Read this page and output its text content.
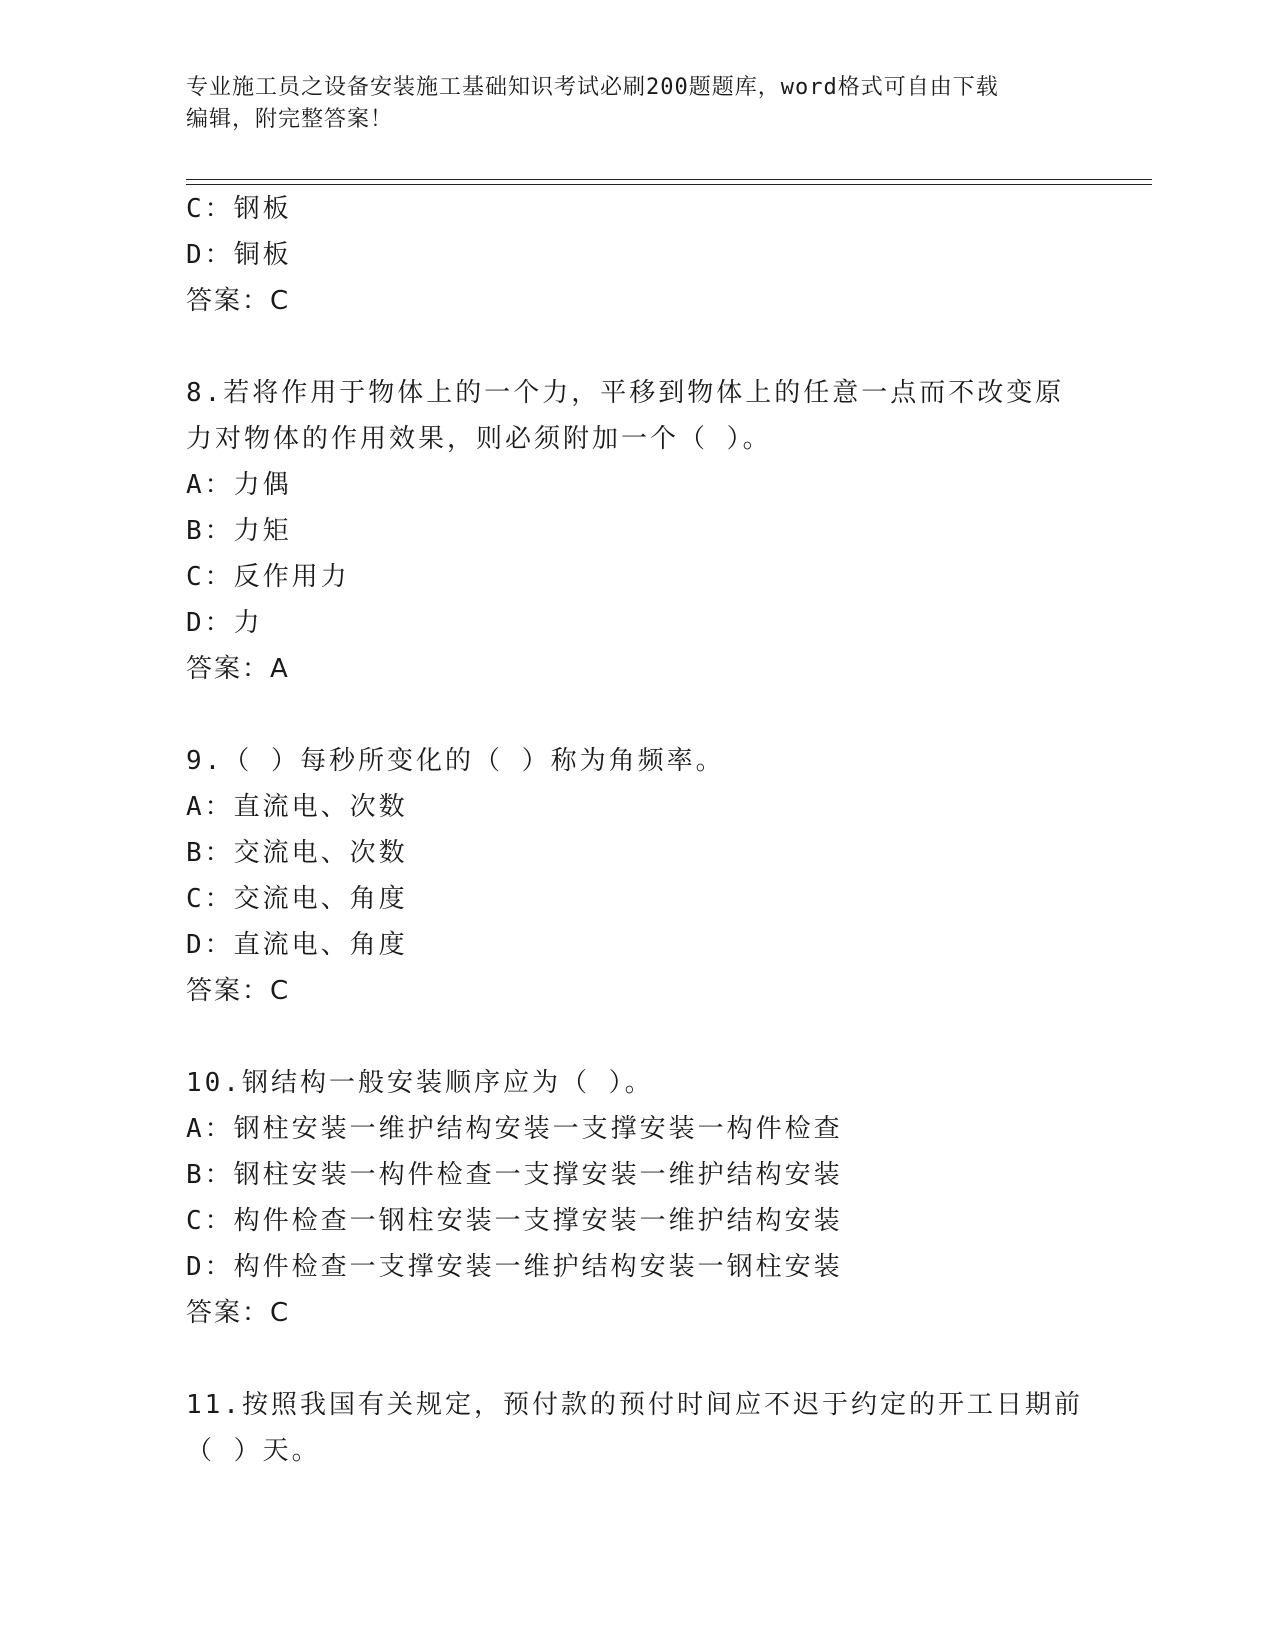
专业施工员之设备安装施工基础知识考试必刷200题题库，word格式可自由下载
编辑，附完整答案！
C：钢板
D：铜板
答案：C
8.若将作用于物体上的一个力，平移到物体上的任意一点而不改变原
力对物体的作用效果，则必须附加一个（ ）。
A：力偶
B：力矩
C：反作用力
D：力
答案：A
9.（ ）每秒所变化的（ ）称为角频率。
A：直流电、次数
B：交流电、次数
C：交流电、角度
D：直流电、角度
答案：C
10.钢结构一般安装顺序应为（ ）。
A：钢柱安装一维护结构安装一支撑安装一构件检查
B：钢柱安装一构件检查一支撑安装一维护结构安装
C：构件检查一钢柱安装一支撑安装一维护结构安装
D：构件检查一支撑安装一维护结构安装一钢柱安装
答案：C
11.按照我国有关规定，预付款的预付时间应不迟于约定的开工日期前
（ ）天。
